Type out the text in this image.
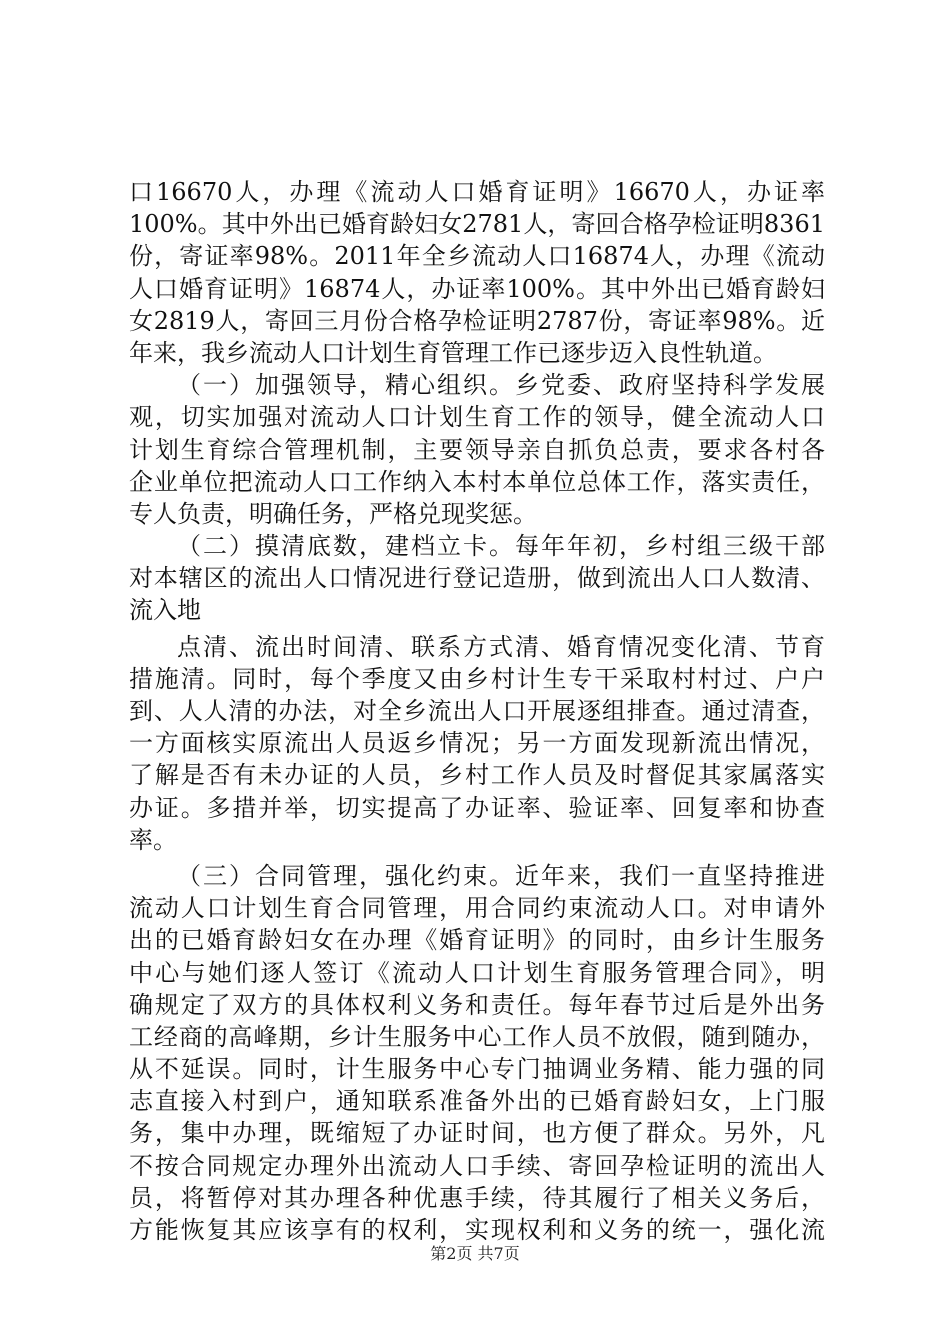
口16670人，办理《流动人口婚育证明》16670人，办证率
100%。其中外出已婚育龄妇女2781人，寄回合格孕检证明8361
份，寄证率98%。2011年全乡流动人口16874人，办理《流动
人口婚育证明》16874人，办证率100%。其中外出已婚育龄妇
女2819人，寄回三月份合格孕检证明2787份，寄证率98%。近
年来，我乡流动人口计划生育管理工作已逐步迈入良性轨道。
（一）加强领导，精心组织。乡党委、政府坚持科学发展
观，切实加强对流动人口计划生育工作的领导，健全流动人口
计划生育综合管理机制，主要领导亲自抓负总责，要求各村各
企业单位把流动人口工作纳入本村本单位总体工作，落实责任，
专人负责，明确任务，严格兑现奖惩。
（二）摸清底数，建档立卡。每年年初，乡村组三级干部
对本辖区的流出人口情况进行登记造册，做到流出人口人数清、
流入地
点清、流出时间清、联系方式清、婚育情况变化清、节育
措施清。同时，每个季度又由乡村计生专干采取村村过、户户
到、人人清的办法，对全乡流出人口开展逐组排查。通过清查，
一方面核实原流出人员返乡情况；另一方面发现新流出情况，
了解是否有未办证的人员，乡村工作人员及时督促其家属落实
办证。多措并举，切实提高了办证率、验证率、回复率和协查
率。
（三）合同管理，强化约束。近年来，我们一直坚持推进
流动人口计划生育合同管理，用合同约束流动人口。对申请外
出的已婚育龄妇女在办理《婚育证明》的同时，由乡计生服务
中心与她们逐人签订《流动人口计划生育服务管理合同》，明
确规定了双方的具体权利义务和责任。每年春节过后是外出务
工经商的高峰期，乡计生服务中心工作人员不放假，随到随办，
从不延误。同时，计生服务中心专门抽调业务精、能力强的同
志直接入村到户，通知联系准备外出的已婚育龄妇女，上门服
务，集中办理，既缩短了办证时间，也方便了群众。另外，凡
不按合同规定办理外出流动人口手续、寄回孕检证明的流出人
员，将暂停对其办理各种优惠手续，待其履行了相关义务后，
方能恢复其应该享有的权利，实现权利和义务的统一，强化流
第2页 共7页
